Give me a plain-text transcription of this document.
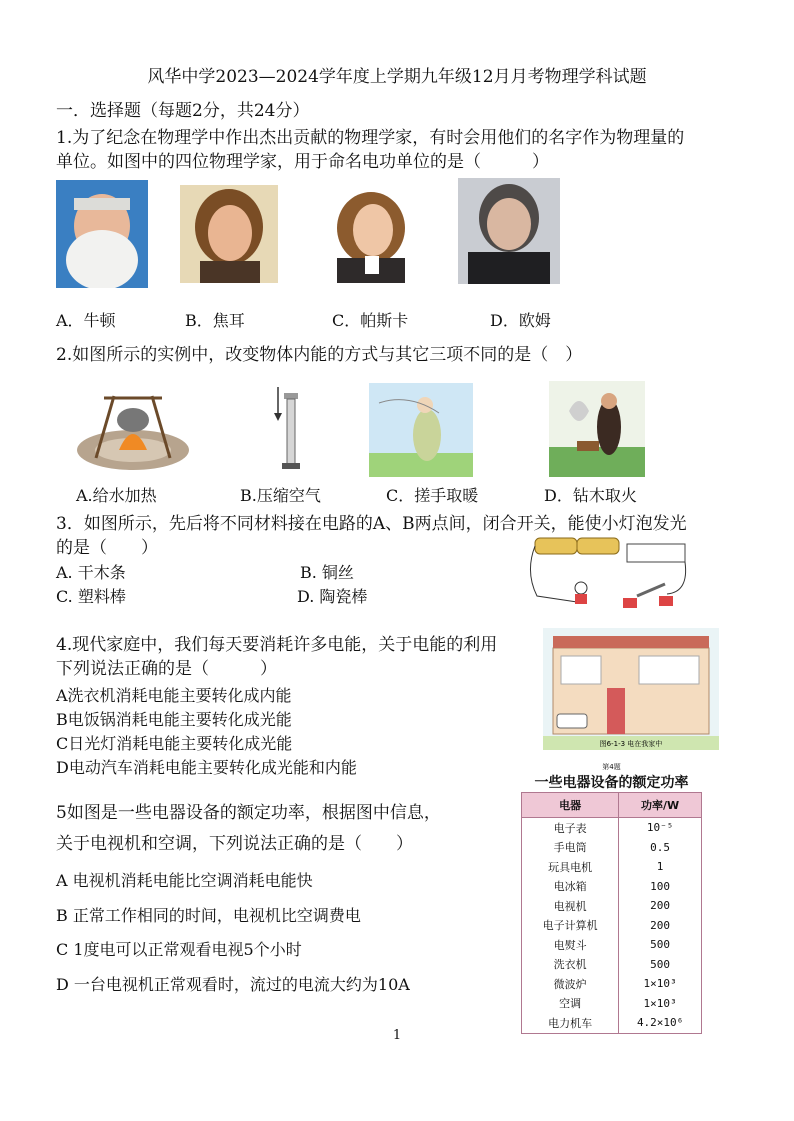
风华中学2023—2024学年度上学期九年级12月月考物理学科试题
一．选择题（每题2分，共24分）
1.为了纪念在物理学中作出杰出贡献的物理学家，有时会用他们的名字作为物理量的
单位。如图中的四位物理学家，用于命名电功单位的是（　　　）
A．牛顿	B．焦耳	C．帕斯卡	D．欧姆
2.如图所示的实例中，改变物体内能的方式与其它三项不同的是（　）
A.给水加热	B.压缩空气	C．搓手取暖	D．钻木取火
3．如图所示，先后将不同材料接在电路的A、B两点间，闭合开关，能使小灯泡发光
的是（　　）
A. 干木条	B. 铜丝
C. 塑料棒	D. 陶瓷棒
4.现代家庭中，我们每天要消耗许多电能，关于电能的利用
下列说法正确的是（　　　）
A洗衣机消耗电能主要转化成内能
B电饭锅消耗电能主要转化成光能
C日光灯消耗电能主要转化成光能
D电动汽车消耗电能主要转化成光能和内能
图6-1-3 电在我家中
5如图是一些电器设备的额定功率，根据图中信息，
关于电视机和空调，下列说法正确的是（　　）
A 电视机消耗电能比空调消耗电能快
B 正常工作相同的时间，电视机比空调费电
C 1度电可以正常观看电视5个小时
D 一台电视机正常观看时，流过的电流大约为10A
第4题
一些电器设备的额定功率
电器	功率/W
电子表	10⁻⁵
手电筒	0.5
玩具电机	1
电冰箱	100
电视机	200
电子计算机	200
电熨斗	500
洗衣机	500
微波炉	1×10³
空调	1×10³
电力机车	4.2×10⁶
1
